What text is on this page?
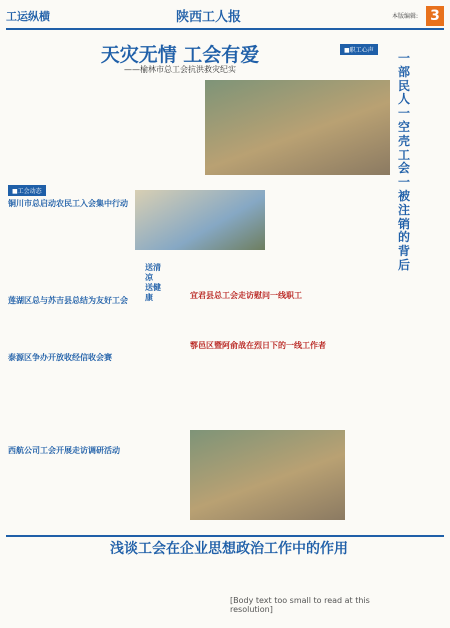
工运纵横	陕西工人报	本版编辑: 3
天灾无情 工会有爱
——榆林市总工会抗洪救灾纪实
■工会动态
■职工心声
铜川市总启动农民工入会集中行动
莲湖区总与苏吉县总结为友好工会
泰源区争办开放收经信收会赛
西航公司工会开展走访调研活动
送清凉 送健康	宜君县总工会走访慰问一线职工
鄠邑区暨阿俞战在烈日下的一线工作者
一部民人一空壳工会一被注销的背后
浅谈工会在企业思想政治工作中的作用
[Body text too small to read at this resolution]
